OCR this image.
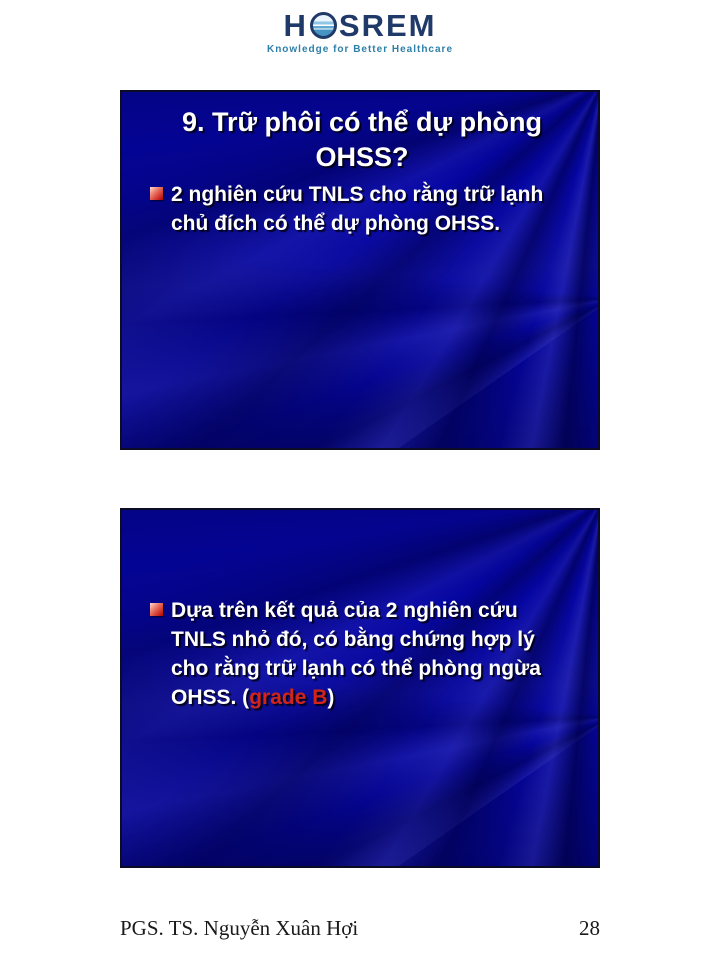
H SREM
Knowledge for Better Healthcare
9. Trữ phôi có thể dự phòng OHSS?
2 nghiên cứu TNLS cho rằng trữ lạnh chủ đích có thể dự phòng OHSS.
Dựa trên kết quả của 2 nghiên cứu TNLS nhỏ đó, có bằng chứng hợp lý cho rằng trữ lạnh có thể phòng ngừa OHSS. (grade B)
PGS. TS. Nguyễn Xuân Hợi	28
